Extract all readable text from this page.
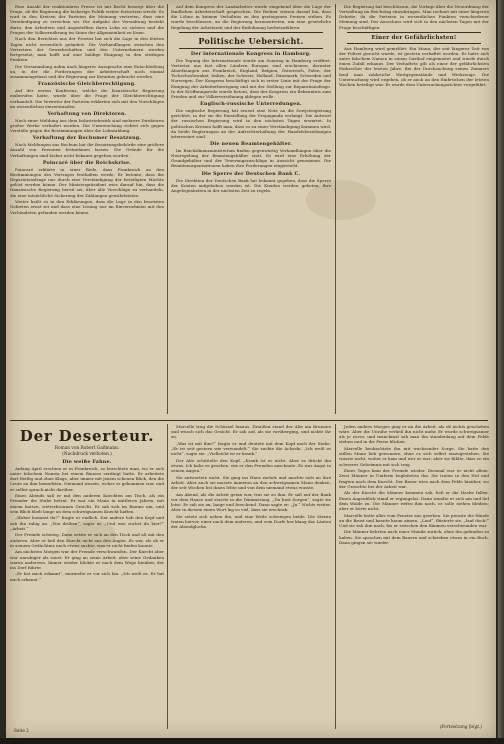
Eine Anzahl der reaktionären Presse ist mit Recht besorgt über die Frage, ob die Regierung die bisherige Politik weiter fortsetzen werde. Es wird in den Kreisen der Parteien die Meinung vertreten, dass eine Verständigung zu erreichen sei. Die Aufgabe der Verwaltung besteht darin, den Arbeitern und Angestellten ihren Lohn zu sichern und die Fragen der Volksernährung im Sinne der Allgemeinheit zu lösen.

Nach den Berichten aus der Provinz hat sich die Lage in den letzten Tagen nicht wesentlich geändert. Die Verhandlungen zwischen den Vertretern der Gewerkschaften und den Unternehmern werden fortgesetzt; man hofft auf eine baldige Einigung in den strittigen Punkten.

Die Versammlung nahm nach längerer Aussprache eine Entschließung an, in der die Forderungen der Arbeiterschaft noch einmal zusammengefasst und der Regierung zur Kenntnis gebracht werden.

Französische Gleichberechtigung.

Auf der ersten Konferenz, welche die französische Regierung einberufen hatte, wurde über die Frage der Gleichberechtigung verhandelt. Die Vertreter der Parteien erklärten sich mit den Vorschlägen im wesentlichen einverstanden.

Verhaftung von Direktoren.

Nach einer Meldung aus dem Industriebezirk sind mehrere Direktoren großer Werke verhaftet worden. Die Untersuchung richtet sich gegen Verstöße gegen die Bestimmungen über die Lohnzahlung.

Verhaftung der Bochumer Besatzung.

Nach Meldungen aus Bochum hat die Besatzungsbehörde eine größere Anzahl von Personen festnehmen lassen. Die Gründe für die Verhaftungen sind bisher nicht bekannt gegeben worden.

Poincaré über die Reichskrise.

Poincaré erklärte in einer Rede, dass Frankreich an den Bestimmungen des Vertrages festhalten werde. Er betonte, dass die Reparationsfrage nur durch eine Verständigung der beteiligten Mächte gelöst werden könne. Der Ministerpräsident wies darauf hin, dass die französische Regierung bereit sei, über alle Vorschläge zu verhandeln, die eine tatsächliche Sicherung der Zahlungen gewährleisten.

Weiter heißt es in den Erklärungen, dass die Lage in den besetzten Gebieten ernst sei und dass eine Lösung nur im Einvernehmen mit den Verbündeten gefunden werden könne.

Auf dem Kongress der Landarbeiter wurde eingehend über die Lage der ländlichen Arbeiterschaft gesprochen. Die Redner wiesen darauf hin, dass die Löhne in keinem Verhältnis zu den gestiegenen Preisen stehen. Es wurde beschlossen, an die Regierung heranzutreten, um eine gesetzliche Regelung der Arbeitszeit und der Entlohnung herbeizuführen.

Politische Uebersicht.
Der internationale Kongress in Hamburg.

Die Tagung der Internationale wurde am Sonntag in Hamburg eröffnet. Vertreter aus fast allen Ländern Europas sind erschienen, darunter Abordnungen aus Frankreich, England, Belgien, Österreich, Polen, der Tschechoslowakei, Italien, der Schweiz, Holland, Dänemark, Schweden und Norwegen. Der Kongress beschäftigt sich in erster Linie mit der Frage der Einigung der Arbeiterbewegung und mit der Stellung zur Reparationsfrage. In der Eröffnungsrede wurde betont, dass der Kongress ein Bekenntnis zum Frieden und zur Völkerversöhnung ablegen wolle.

Englisch-russische Unterredungen.

Die englische Regierung hat erneut eine Note an die Sowjetregierung gerichtet, in der sie die Einstellung der Propaganda verlangt. Die Antwort der russischen Regierung wird in den nächsten Tagen erwartet. In politischen Kreisen hofft man, dass es zu einer Verständigung kommen wird, da beide Regierungen an der Aufrechterhaltung der Handelsbeziehungen interessiert sind.

Die neuen Beamtengehälter.

Im Reichsfinanzministerium finden gegenwärtig Verhandlungen über die Neuregelung der Beamtengehälter statt. Es wird eine Erhöhung der Grundgehälter und der Teuerungszuschläge in Aussicht genommen. Die Beamtenorganisationen haben ihre Forderungen eingereicht.

Die Sperre der Deutschen Bank C.

Die Direktion der Deutschen Bank hat bekannt gegeben, dass die Sperre der Konten aufgehoben worden ist. Die Kunden werden gebeten, ihre Angelegenheiten in der nächsten Zeit zu regeln.

Die Regierung hat beschlossen, die Vorlage über die Neuordnung der Verwaltung im Reichstag einzubringen. Man rechnet mit einer längeren Debatte, da die Parteien in wesentlichen Punkten verschiedener Meinung sind. Der Ausschuss wird sich in den nächsten Tagen mit der Frage beschäftigen.

Einer der Gefährlichsten!

Aus Hamburg wird gemeldet: Ein Mann, der seit längerer Zeit von der Polizei gesucht wurde, ist gestern verhaftet worden. Er hatte sich unter falschem Namen in einem Gasthof eingemietet und wurde durch einen Zufall erkannt. Der Verhaftete gilt als einer der gefährlichsten Einbrecher der letzten Jahre. Bei der Durchsuchung seines Zimmers fand man zahlreiche Wertgegenstände und Werkzeuge. Die Untersuchung wird ergeben, ob er auch an den Einbrüchen der letzten Wochen beteiligt war. Er wurde dem Untersuchungsrichter vorgeführt.

Der Deserteur.
Roman von Robert Gaßmann.
(Nachdruck verboten.)
Die weiße Fahne.

Anfang April erschien er in Frankreich, so berichtete man, wo er sich unter falschem Namen bei einem Bauern verdingt hatte. Er arbeitete dort fleißig und ohne Klage, aber immer mit jenem scheuen Blick, den die Leute an ihm bemerkten. Niemand wusste, woher er gekommen war, und er selbst sprach nicht darüber.

Eines Abends saß er mit den anderen Knechten am Tisch, als ein Fremder die Stube betrat. Er war ein Mann in mittleren Jahren, mit einem harten, wetterbraunen Gesicht. Er sah sich im Raume um, und sein Blick blieb lange an dem schweigsamen Knecht haften.

„Woher kommst du?“ fragte er endlich. Der andere hob den Kopf und sah ihn ruhig an. „Von drüben“, sagte er. „Und was suchst du hier?“ „Arbeit.“

Der Fremde schwieg. Dann setzte er sich an den Tisch und aß mit den anderen. Aber er ließ den Knecht nicht aus den Augen. Es war, als ob er in seinem Gedächtnis nach etwas suchte, was er nicht finden konnte.

Am nächsten Morgen war der Fremde verschwunden. Der Knecht aber war unruhiger als sonst. Er ging an seine Arbeit, aber seine Gedanken waren anderswo. Immer wieder blickte er nach dem Wege hinüber, der ins Dorf führte.

„Er hat mich erkannt“, murmelte er vor sich hin. „Ich weiß es. Er hat mich erkannt.“

Marcelle trug die Schüssel hinaus. Draußen stand der Alte am Brunnen und wusch sich das Gesicht. Er sah auf, als sie vorüberging, und nickte ihr zu.

„Was ist mit ihm?“ fragte er und deutete mit dem Kopf nach der Stube. „Er ist seit gestern wie verwandelt.“ Sie zuckte die Achseln. „Ich weiß es nicht“, sagte sie. „Vielleicht ist er krank.“

Der Alte schüttelte den Kopf. „Krank ist er nicht. Aber es drückt ihn etwas. Ich habe es gesehen, wie er den Fremden anschaute. Es war Angst in seinen Augen.“

Sie antwortete nicht. Sie ging ins Haus zurück und machte sich an ihre Arbeit. Aber auch sie musste immerzu an den schweigsamen Mann denken, der seit Wochen bei ihnen lebte und von dem niemand etwas wusste.

Am Abend, als die Arbeit getan war, trat sie zu ihm. Er saß auf der Bank vor dem Hause und starrte in die Dämmerung. „Du hast Sorgen“, sagte sie leise. Er sah sie an, lange und forschend. Dann sagte er: „Ja.“ Nichts weiter. Aber in diesem einen Wort lag so viel, dass sie erschrak.

Sie setzte sich neben ihn, und eine Weile schwiegen beide. Die Sterne traten hervor, einer nach dem anderen, und vom Dorfe her klang das Läuten der Abendglocke.

Jeden andern Morgen ging er an die Arbeit, als ob nichts geschehen wäre. Aber die Unruhe verließ ihn nicht mehr. Er wurde schweigsamer als je zuvor, und manchmal sah man ihn stundenlang auf dem Felde stehen und in die Ferne blicken.

Marcelle beobachtete ihn mit wachsender Sorge. Sie hatte den stillen Mann lieb gewonnen, ohne es sich selbst einzugestehen. Sie wusste nicht, woher er kam und wer er war; aber sie fühlte, dass er ein schweres Geheimnis mit sich trug.

Eines Tages kam der Fremde wieder. Diesmal war er nicht allein. Zwei Männer in Uniform begleiteten ihn. Sie traten in den Hof und fragten nach dem Knecht. Der Bauer wies nach dem Felde hinüber, wo der Gesuchte bei der Arbeit war.

Als der Knecht die Männer kommen sah, ließ er die Hacke fallen. Einen Augenblick stand er regungslos. Dann wandte er sich um und lief dem Walde zu. Die Männer riefen ihm nach, er solle stehen bleiben; aber er hörte nicht.

Marcelle hatte alles vom Fenster aus gesehen. Sie presste die Hände an die Brust und konnte kaum atmen. „Lauf“, flüsterte sie, „lauf doch!“ Und sie sah ihm nach, bis er zwischen den Bäumen verschwunden war.

Die Männer kehrten nach einer Stunde zurück, ohne ihn gefunden zu haben. Sie sprachen mit dem Bauern und schrieben etwas in ein Buch. Dann gingen sie wieder.

(Fortsetzung folgt.)
Seite 2
